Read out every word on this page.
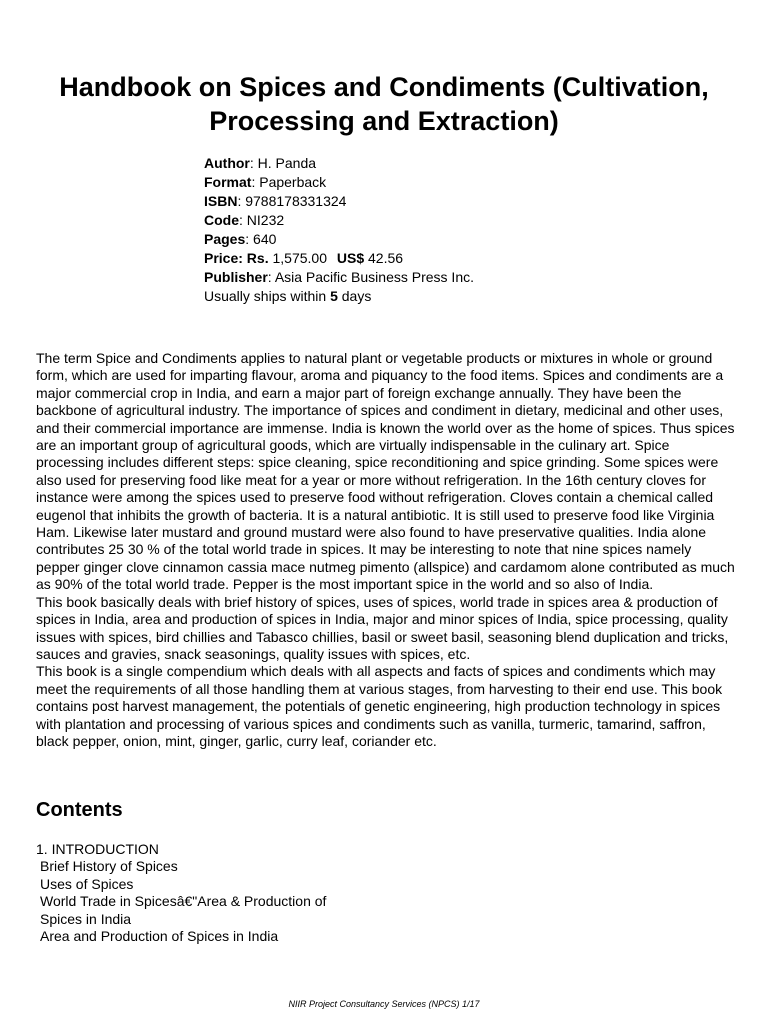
Handbook on Spices and Condiments (Cultivation, Processing and Extraction)
Author: H. Panda
Format: Paperback
ISBN: 9788178331324
Code: NI232
Pages: 640
Price: Rs. 1,575.00 US$ 42.56
Publisher: Asia Pacific Business Press Inc.
Usually ships within 5 days

The term Spice and Condiments applies to natural plant or vegetable products or mixtures in whole or ground form, which are used for imparting flavour, aroma and piquancy to the food items. Spices and condiments are a major commercial crop in India, and earn a major part of foreign exchange annually. They have been the backbone of agricultural industry. The importance of spices and condiment in dietary, medicinal and other uses, and their commercial importance are immense. India is known the world over as the home of spices. Thus spices are an important group of agricultural goods, which are virtually indispensable in the culinary art. Spice processing includes different steps: spice cleaning, spice reconditioning and spice grinding. Some spices were also used for preserving food like meat for a year or more without refrigeration. In the 16th century cloves for instance were among the spices used to preserve food without refrigeration. Cloves contain a chemical called eugenol that inhibits the growth of bacteria. It is a natural antibiotic. It is still used to preserve food like Virginia Ham. Likewise later mustard and ground mustard were also found to have preservative qualities. India alone contributes 25 30 % of the total world trade in spices. It may be interesting to note that nine spices namely pepper ginger clove cinnamon cassia mace nutmeg pimento (allspice) and cardamom alone contributed as much as 90% of the total world trade. Pepper is the most important spice in the world and so also of India.

This book basically deals with brief history of spices, uses of spices, world trade in spices area & production of spices in India, area and production of spices in India, major and minor spices of India, spice processing, quality issues with spices, bird chillies and Tabasco chillies, basil or sweet basil, seasoning blend duplication and tricks, sauces and gravies, snack seasonings, quality issues with spices, etc.

This book is a single compendium which deals with all aspects and facts of spices and condiments which may meet the requirements of all those handling them at various stages, from harvesting to their end use. This book contains post harvest management, the potentials of genetic engineering, high production technology in spices with plantation and processing of various spices and condiments such as vanilla, turmeric, tamarind, saffron, black pepper, onion, mint, ginger, garlic, curry leaf, coriander etc.

Contents

1. INTRODUCTION

Brief History of Spices

Uses of Spices

World Trade in Spicesâ€"Area & Production of Spices in India

Area and Production of Spices in India

NIIR Project Consultancy Services (NPCS) 1/17
